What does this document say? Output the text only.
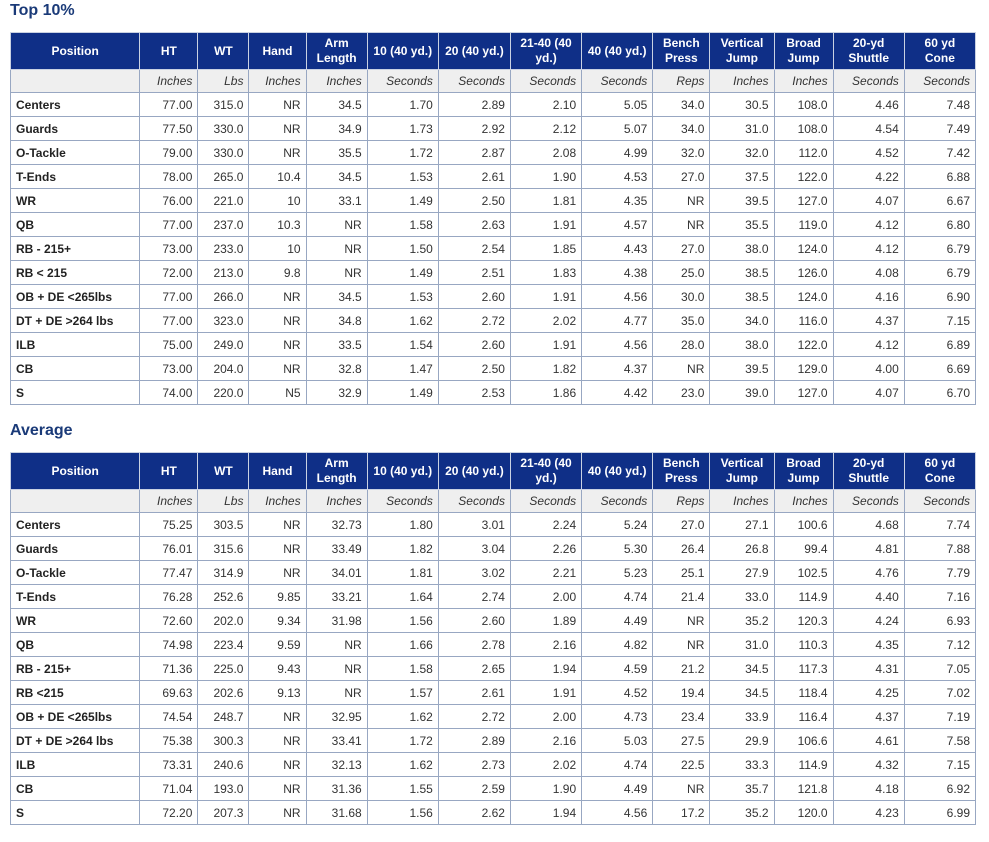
Top 10%
Position	HT	WT	Hand	Arm Length	10 (40 yd.)	20 (40 yd.)	21-40 (40 yd.)	40 (40 yd.)	Bench Press	Vertical Jump	Broad Jump	20-yd Shuttle	60 yd Cone
	Inches	Lbs	Inches	Inches	Seconds	Seconds	Seconds	Seconds	Reps	Inches	Inches	Seconds	Seconds
Centers	77.00	315.0	NR	34.5	1.70	2.89	2.10	5.05	34.0	30.5	108.0	4.46	7.48
Guards	77.50	330.0	NR	34.9	1.73	2.92	2.12	5.07	34.0	31.0	108.0	4.54	7.49
O-Tackle	79.00	330.0	NR	35.5	1.72	2.87	2.08	4.99	32.0	32.0	112.0	4.52	7.42
T-Ends	78.00	265.0	10.4	34.5	1.53	2.61	1.90	4.53	27.0	37.5	122.0	4.22	6.88
WR	76.00	221.0	10	33.1	1.49	2.50	1.81	4.35	NR	39.5	127.0	4.07	6.67
QB	77.00	237.0	10.3	NR	1.58	2.63	1.91	4.57	NR	35.5	119.0	4.12	6.80
RB - 215+	73.00	233.0	10	NR	1.50	2.54	1.85	4.43	27.0	38.0	124.0	4.12	6.79
RB < 215	72.00	213.0	9.8	NR	1.49	2.51	1.83	4.38	25.0	38.5	126.0	4.08	6.79
OB + DE <265lbs	77.00	266.0	NR	34.5	1.53	2.60	1.91	4.56	30.0	38.5	124.0	4.16	6.90
DT + DE >264 lbs	77.00	323.0	NR	34.8	1.62	2.72	2.02	4.77	35.0	34.0	116.0	4.37	7.15
ILB	75.00	249.0	NR	33.5	1.54	2.60	1.91	4.56	28.0	38.0	122.0	4.12	6.89
CB	73.00	204.0	NR	32.8	1.47	2.50	1.82	4.37	NR	39.5	129.0	4.00	6.69
S	74.00	220.0	N5	32.9	1.49	2.53	1.86	4.42	23.0	39.0	127.0	4.07	6.70
Average
Position	HT	WT	Hand	Arm Length	10 (40 yd.)	20 (40 yd.)	21-40 (40 yd.)	40 (40 yd.)	Bench Press	Vertical Jump	Broad Jump	20-yd Shuttle	60 yd Cone
	Inches	Lbs	Inches	Inches	Seconds	Seconds	Seconds	Seconds	Reps	Inches	Inches	Seconds	Seconds
Centers	75.25	303.5	NR	32.73	1.80	3.01	2.24	5.24	27.0	27.1	100.6	4.68	7.74
Guards	76.01	315.6	NR	33.49	1.82	3.04	2.26	5.30	26.4	26.8	99.4	4.81	7.88
O-Tackle	77.47	314.9	NR	34.01	1.81	3.02	2.21	5.23	25.1	27.9	102.5	4.76	7.79
T-Ends	76.28	252.6	9.85	33.21	1.64	2.74	2.00	4.74	21.4	33.0	114.9	4.40	7.16
WR	72.60	202.0	9.34	31.98	1.56	2.60	1.89	4.49	NR	35.2	120.3	4.24	6.93
QB	74.98	223.4	9.59	NR	1.66	2.78	2.16	4.82	NR	31.0	110.3	4.35	7.12
RB - 215+	71.36	225.0	9.43	NR	1.58	2.65	1.94	4.59	21.2	34.5	117.3	4.31	7.05
RB <215	69.63	202.6	9.13	NR	1.57	2.61	1.91	4.52	19.4	34.5	118.4	4.25	7.02
OB + DE <265lbs	74.54	248.7	NR	32.95	1.62	2.72	2.00	4.73	23.4	33.9	116.4	4.37	7.19
DT + DE >264 lbs	75.38	300.3	NR	33.41	1.72	2.89	2.16	5.03	27.5	29.9	106.6	4.61	7.58
ILB	73.31	240.6	NR	32.13	1.62	2.73	2.02	4.74	22.5	33.3	114.9	4.32	7.15
CB	71.04	193.0	NR	31.36	1.55	2.59	1.90	4.49	NR	35.7	121.8	4.18	6.92
S	72.20	207.3	NR	31.68	1.56	2.62	1.94	4.56	17.2	35.2	120.0	4.23	6.99
